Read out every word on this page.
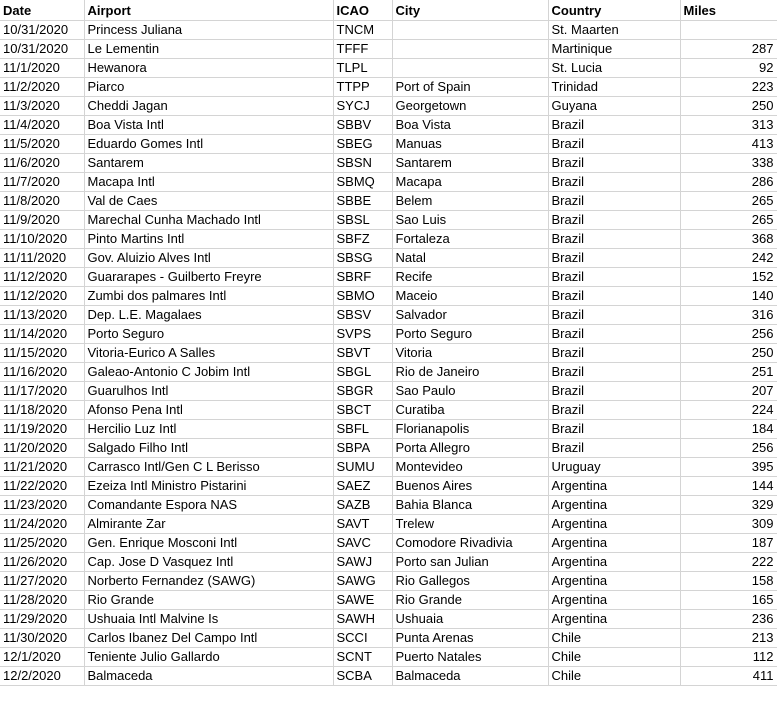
Date	Airport	ICAO	City	Country	Miles
10/31/2020	Princess Juliana	TNCM		St. Maarten	
10/31/2020	Le Lementin	TFFF		Martinique	287
11/1/2020	Hewanora	TLPL		St. Lucia	92
11/2/2020	Piarco	TTPP	Port of Spain	Trinidad	223
11/3/2020	Cheddi Jagan	SYCJ	Georgetown	Guyana	250
11/4/2020	Boa Vista Intl	SBBV	Boa Vista	Brazil	313
11/5/2020	Eduardo Gomes Intl	SBEG	Manuas	Brazil	413
11/6/2020	Santarem	SBSN	Santarem	Brazil	338
11/7/2020	Macapa Intl	SBMQ	Macapa	Brazil	286
11/8/2020	Val de Caes	SBBE	Belem	Brazil	265
11/9/2020	Marechal Cunha Machado Intl	SBSL	Sao Luis	Brazil	265
11/10/2020	Pinto Martins Intl	SBFZ	Fortaleza	Brazil	368
11/11/2020	Gov. Aluizio Alves Intl	SBSG	Natal	Brazil	242
11/12/2020	Guararapes - Guilberto Freyre	SBRF	Recife	Brazil	152
11/12/2020	Zumbi dos palmares Intl	SBMO	Maceio	Brazil	140
11/13/2020	Dep. L.E. Magalaes	SBSV	Salvador	Brazil	316
11/14/2020	Porto Seguro	SVPS	Porto Seguro	Brazil	256
11/15/2020	Vitoria-Eurico A Salles	SBVT	Vitoria	Brazil	250
11/16/2020	Galeao-Antonio C Jobim Intl	SBGL	Rio de Janeiro	Brazil	251
11/17/2020	Guarulhos Intl	SBGR	Sao Paulo	Brazil	207
11/18/2020	Afonso Pena Intl	SBCT	Curatiba	Brazil	224
11/19/2020	Hercilio Luz Intl	SBFL	Florianapolis	Brazil	184
11/20/2020	Salgado Filho Intl	SBPA	Porta Allegro	Brazil	256
11/21/2020	Carrasco Intl/Gen C L Berisso	SUMU	Montevideo	Uruguay	395
11/22/2020	Ezeiza Intl Ministro Pistarini	SAEZ	Buenos Aires	Argentina	144
11/23/2020	Comandante Espora NAS	SAZB	Bahia Blanca	Argentina	329
11/24/2020	Almirante Zar	SAVT	Trelew	Argentina	309
11/25/2020	Gen. Enrique Mosconi Intl	SAVC	Comodore Rivadivia	Argentina	187
11/26/2020	Cap. Jose D Vasquez Intl	SAWJ	Porto san Julian	Argentina	222
11/27/2020	Norberto Fernandez (SAWG)	SAWG	Rio Gallegos	Argentina	158
11/28/2020	Rio Grande	SAWE	Rio Grande	Argentina	165
11/29/2020	Ushuaia Intl Malvine Is	SAWH	Ushuaia	Argentina	236
11/30/2020	Carlos Ibanez Del Campo Intl	SCCI	Punta Arenas	Chile	213
12/1/2020	Teniente Julio Gallardo	SCNT	Puerto Natales	Chile	112
12/2/2020	Balmaceda	SCBA	Balmaceda	Chile	411
